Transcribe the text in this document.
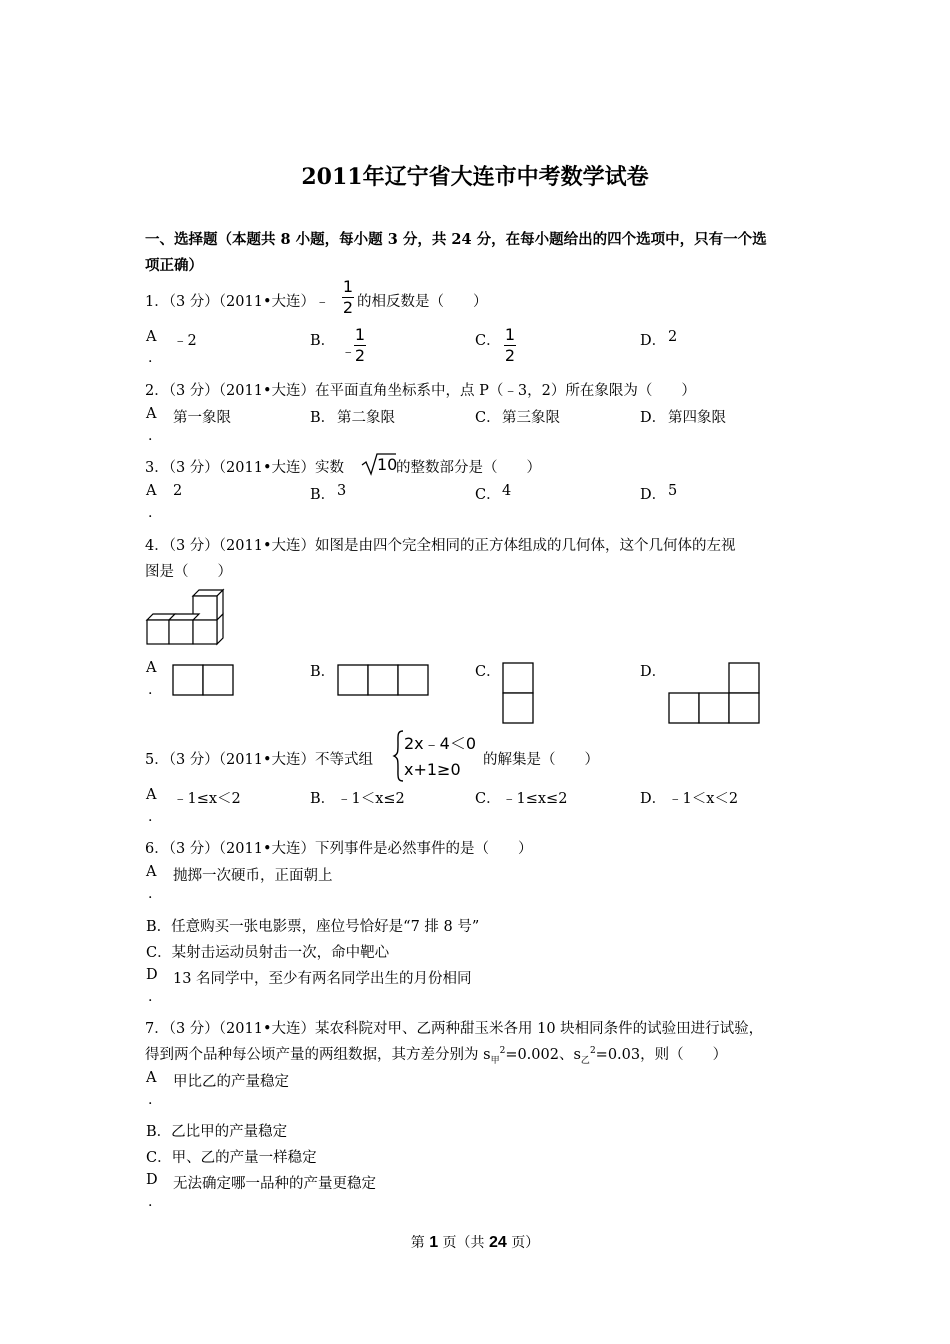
2011年辽宁省大连市中考数学试卷
一、选择题（本题共 8 小题，每小题 3 分，共 24 分，在每小题给出的四个选项中，只有一个选
项正确）
1．（3 分）（2011•大连）﹣
1
2 的相反数是（　　）
A
.
﹣2	B．
﹣
1
2
C． 1
2
D． 2
2．（3 分）（2011•大连）在平面直角坐标系中，点 P（﹣3，2）所在象限为（　　）
A
.
第一象限	B． 第二象限	C． 第三象限	D． 第四象限
3．（3 分）（2011•大连）实数 10
的整数部分是（　　）
A
.
2	B． 3	C． 4	D． 5
4．（3 分）（2011•大连）如图是由四个完全相同的正方体组成的几何体，这个几何体的左视
图是（　　）
A
.
B．	C．	D．
5．（3 分）（2011•大连）不等式组
2x﹣4＜0
x+1≥0 的解集是（　　）
A
.
﹣1≤x＜2	B． ﹣1＜x≤2	C． ﹣1≤x≤2	D． ﹣1＜x＜2
6．（3 分）（2011•大连）下列事件是必然事件的是（　　）
A
.
抛掷一次硬币，正面朝上
B．任意购买一张电影票，座位号恰好是“7 排 8 号”
C．某射击运动员射击一次，命中靶心
D
.
13 名同学中，至少有两名同学出生的月份相同
7．（3 分）（2011•大连）某农科院对甲、乙两种甜玉米各用 10 块相同条件的试验田进行试验，
得到两个品种每公顷产量的两组数据，其方差分别为 $s_甲^2=0.002$、$s_乙^2=0.03$，则（　　）
A
.
甲比乙的产量稳定
B．乙比甲的产量稳定
C．甲、乙的产量一样稳定
D
.
无法确定哪一品种的产量更稳定
第 1 页（共 24 页）
